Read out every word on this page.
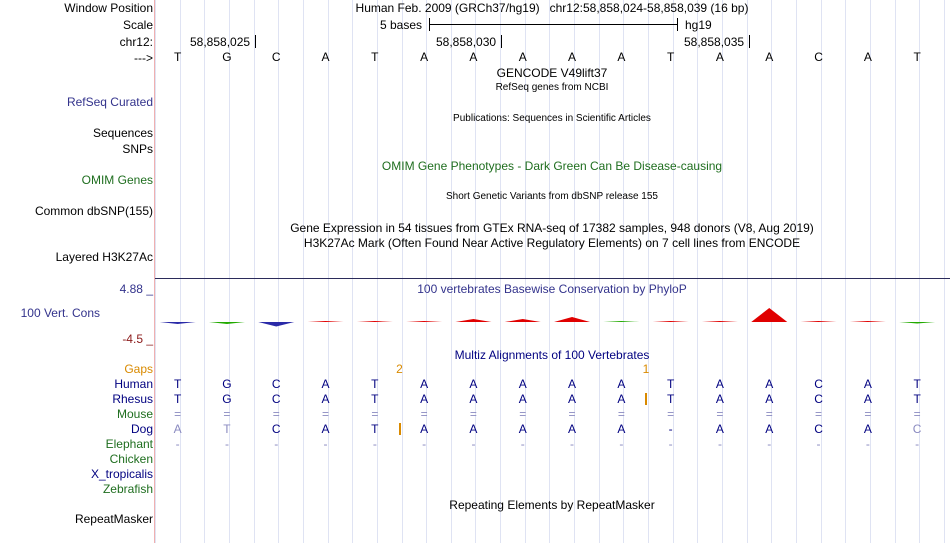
Window Position	Human Feb. 2009 (GRCh37/hg19)   chr12:58,858,024-58,858,039 (16 bp)
Scale	5 bases	hg19
chr12:	58,858,025	58,858,030	58,858,035
---> T	G	C	A	T	A	A	A	A	A	T	A	A	C	A	T
GENCODE V49lift37
RefSeq genes from NCBI
RefSeq Curated
Sequences
Publications: Sequences in Scientific Articles
SNPs
OMIM Gene Phenotypes - Dark Green Can Be Disease-causing
OMIM Genes
Short Genetic Variants from dbSNP release 155
Common dbSNP(155)
Gene Expression in 54 tissues from GTEx RNA-seq of 17382 samples, 948 donors (V8, Aug 2019)
H3K27Ac Mark (Often Found Near Active Regulatory Elements) on 7 cell lines from ENCODE
Layered H3K27Ac
4.88 _	100 vertebrates Basewise Conservation by PhyloP
100 Vert. Cons
-4.5 _
Multiz Alignments of 100 Vertebrates
Gaps	2	1
Human T	G	C	A	T	A	A	A	A	A	T	A	A	C	A	T
Rhesus T	G	C	A	T	A	A	A	A	A	T	A	A	C	A	T
Mouse =	=	=	=	=	=	=	=	=	=	=	=	=	=	=	=
Dog A	T	C	A	T	A	A	A	A	A	-	A	A	C	A	C
Elephant -	-	-	-	-	-	-	-	-	-	-	-	-	-	-	-
Chicken
X_tropicalis
Zebrafish
Repeating Elements by RepeatMasker
RepeatMasker
